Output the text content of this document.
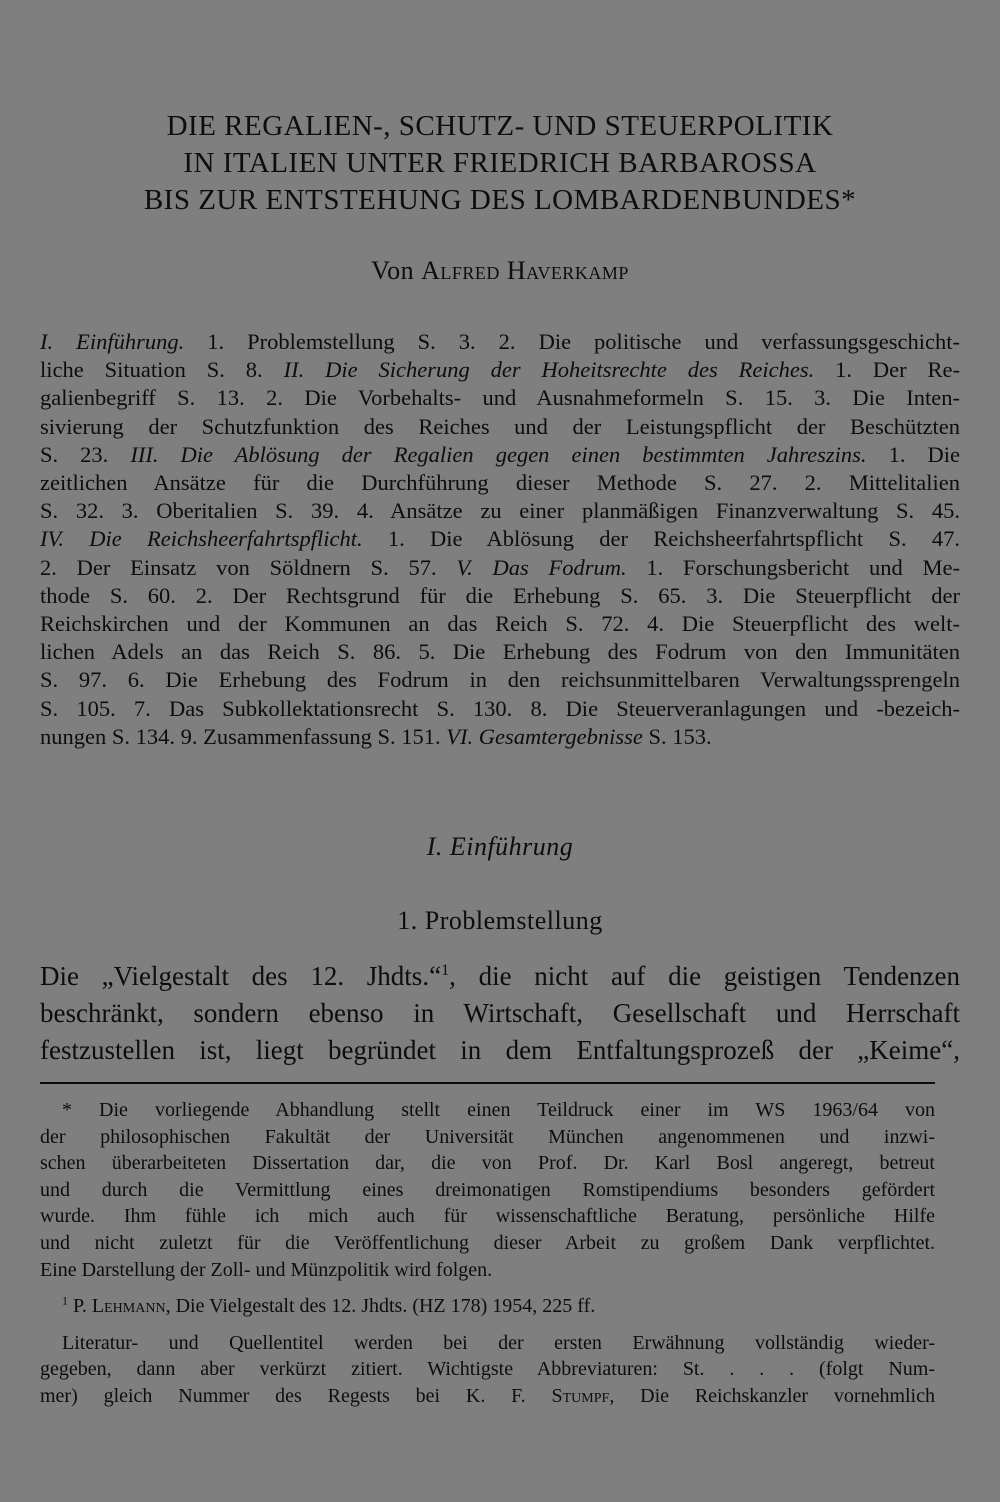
DIE REGALIEN-, SCHUTZ- UND STEUERPOLITIK
IN ITALIEN UNTER FRIEDRICH BARBAROSSA
BIS ZUR ENTSTEHUNG DES LOMBARDENBUNDES*
Von Alfred Haverkamp
I. Einführung. 1. Problemstellung S. 3. 2. Die politische und verfassungsgeschicht-
liche Situation S. 8. II. Die Sicherung der Hoheitsrechte des Reiches. 1. Der Re-
galienbegriff S. 13. 2. Die Vorbehalts- und Ausnahmeformeln S. 15. 3. Die Inten-
sivierung der Schutzfunktion des Reiches und der Leistungspflicht der Beschützten
S. 23. III. Die Ablösung der Regalien gegen einen bestimmten Jahreszins. 1. Die
zeitlichen Ansätze für die Durchführung dieser Methode S. 27. 2. Mittelitalien
S. 32. 3. Oberitalien S. 39. 4. Ansätze zu einer planmäßigen Finanzverwaltung S. 45.
IV. Die Reichsheerfahrtspflicht. 1. Die Ablösung der Reichsheerfahrtspflicht S. 47.
2. Der Einsatz von Söldnern S. 57. V. Das Fodrum. 1. Forschungsbericht und Me-
thode S. 60. 2. Der Rechtsgrund für die Erhebung S. 65. 3. Die Steuerpflicht der
Reichskirchen und der Kommunen an das Reich S. 72. 4. Die Steuerpflicht des welt-
lichen Adels an das Reich S. 86. 5. Die Erhebung des Fodrum von den Immunitäten
S. 97. 6. Die Erhebung des Fodrum in den reichsunmittelbaren Verwaltungssprengeln
S. 105. 7. Das Subkollektationsrecht S. 130. 8. Die Steuerveranlagungen und -bezeich-
nungen S. 134. 9. Zusammenfassung S. 151. VI. Gesamtergebnisse S. 153.
I. Einführung
1. Problemstellung
Die „Vielgestalt des 12. Jhdts.“$^1$, die nicht auf die geistigen Tendenzen
beschränkt, sondern ebenso in Wirtschaft, Gesellschaft und Herrschaft
festzustellen ist, liegt begründet in dem Entfaltungsprozeß der „Keime“,
* Die vorliegende Abhandlung stellt einen Teildruck einer im WS 1963/64 von
der philosophischen Fakultät der Universität München angenommenen und inzwi-
schen überarbeiteten Dissertation dar, die von Prof. Dr. Karl Bosl angeregt, betreut
und durch die Vermittlung eines dreimonatigen Romstipendiums besonders gefördert
wurde. Ihm fühle ich mich auch für wissenschaftliche Beratung, persönliche Hilfe
und nicht zuletzt für die Veröffentlichung dieser Arbeit zu großem Dank verpflichtet.
Eine Darstellung der Zoll- und Münzpolitik wird folgen.
$^1$ P. Lehmann, Die Vielgestalt des 12. Jhdts. (HZ 178) 1954, 225 ff.
Literatur- und Quellentitel werden bei der ersten Erwähnung vollständig wieder-
gegeben, dann aber verkürzt zitiert. Wichtigste Abbreviaturen: St. . . . (folgt Num-
mer) gleich Nummer des Regests bei K. F. Stumpf, Die Reichskanzler vornehmlich
